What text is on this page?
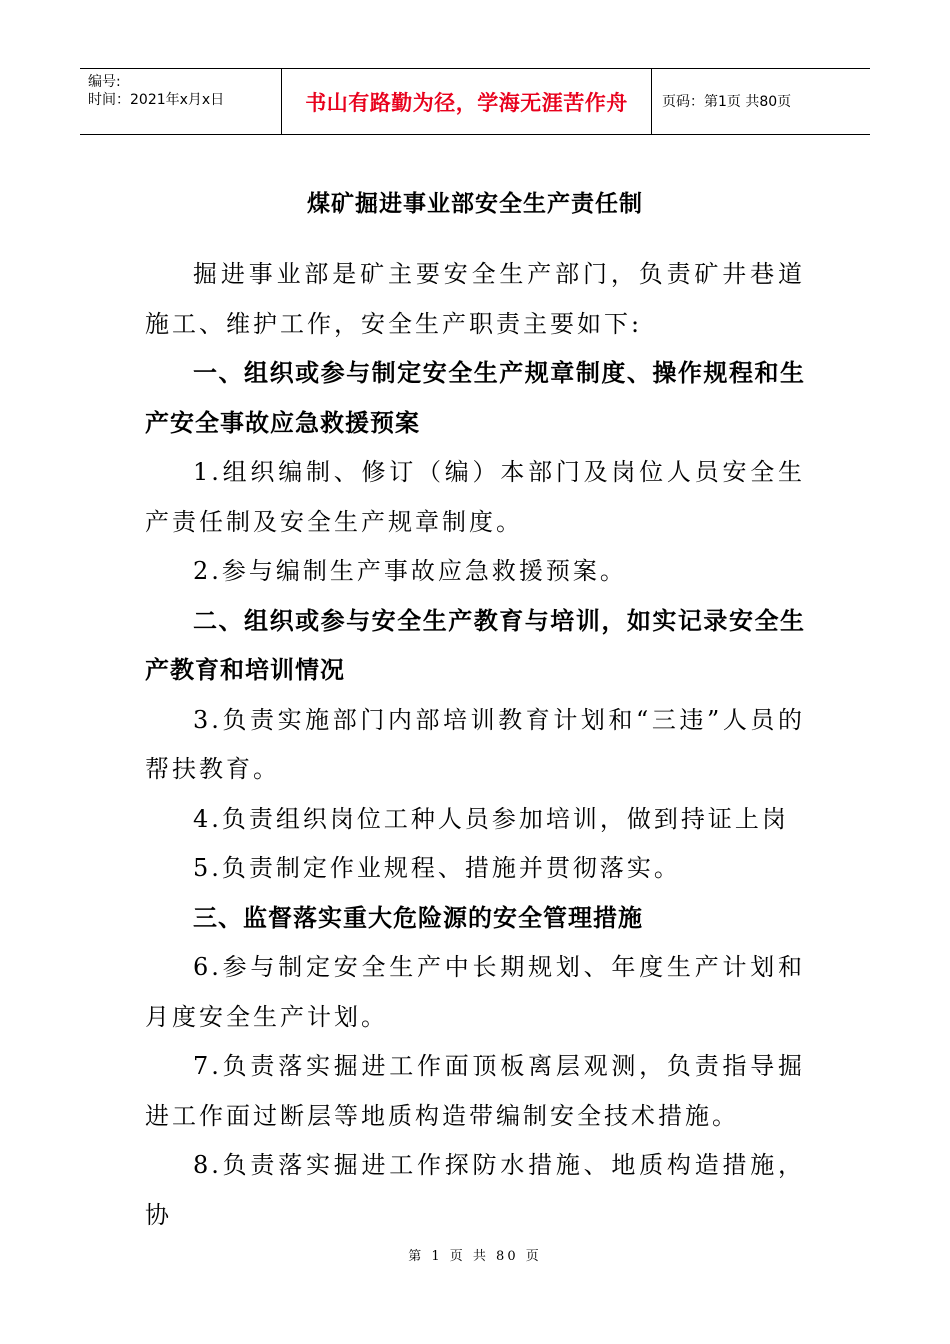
编号:
时间：2021年x月x日	书山有路勤为径，学海无涯苦作舟 页码：第1页 共80页
煤矿掘进事业部安全生产责任制

掘进事业部是矿主要安全生产部门，负责矿井巷道施工、维护工作，安全生产职责主要如下:

一、组织或参与制定安全生产规章制度、操作规程和生产安全事故应急救援预案

1.组织编制、修订（编）本部门及岗位人员安全生产责任制及安全生产规章制度。

2.参与编制生产事故应急救援预案。

二、组织或参与安全生产教育与培训，如实记录安全生产教育和培训情况

3.负责实施部门内部培训教育计划和“三违”人员的帮扶教育。

4.负责组织岗位工种人员参加培训，做到持证上岗

5.负责制定作业规程、措施并贯彻落实。

三、监督落实重大危险源的安全管理措施

6.参与制定安全生产中长期规划、年度生产计划和月度安全生产计划。

7.负责落实掘进工作面顶板离层观测，负责指导掘进工作面过断层等地质构造带编制安全技术措施。

8.负责落实掘进工作探防水措施、地质构造措施，协

第 1 页 共 80 页
